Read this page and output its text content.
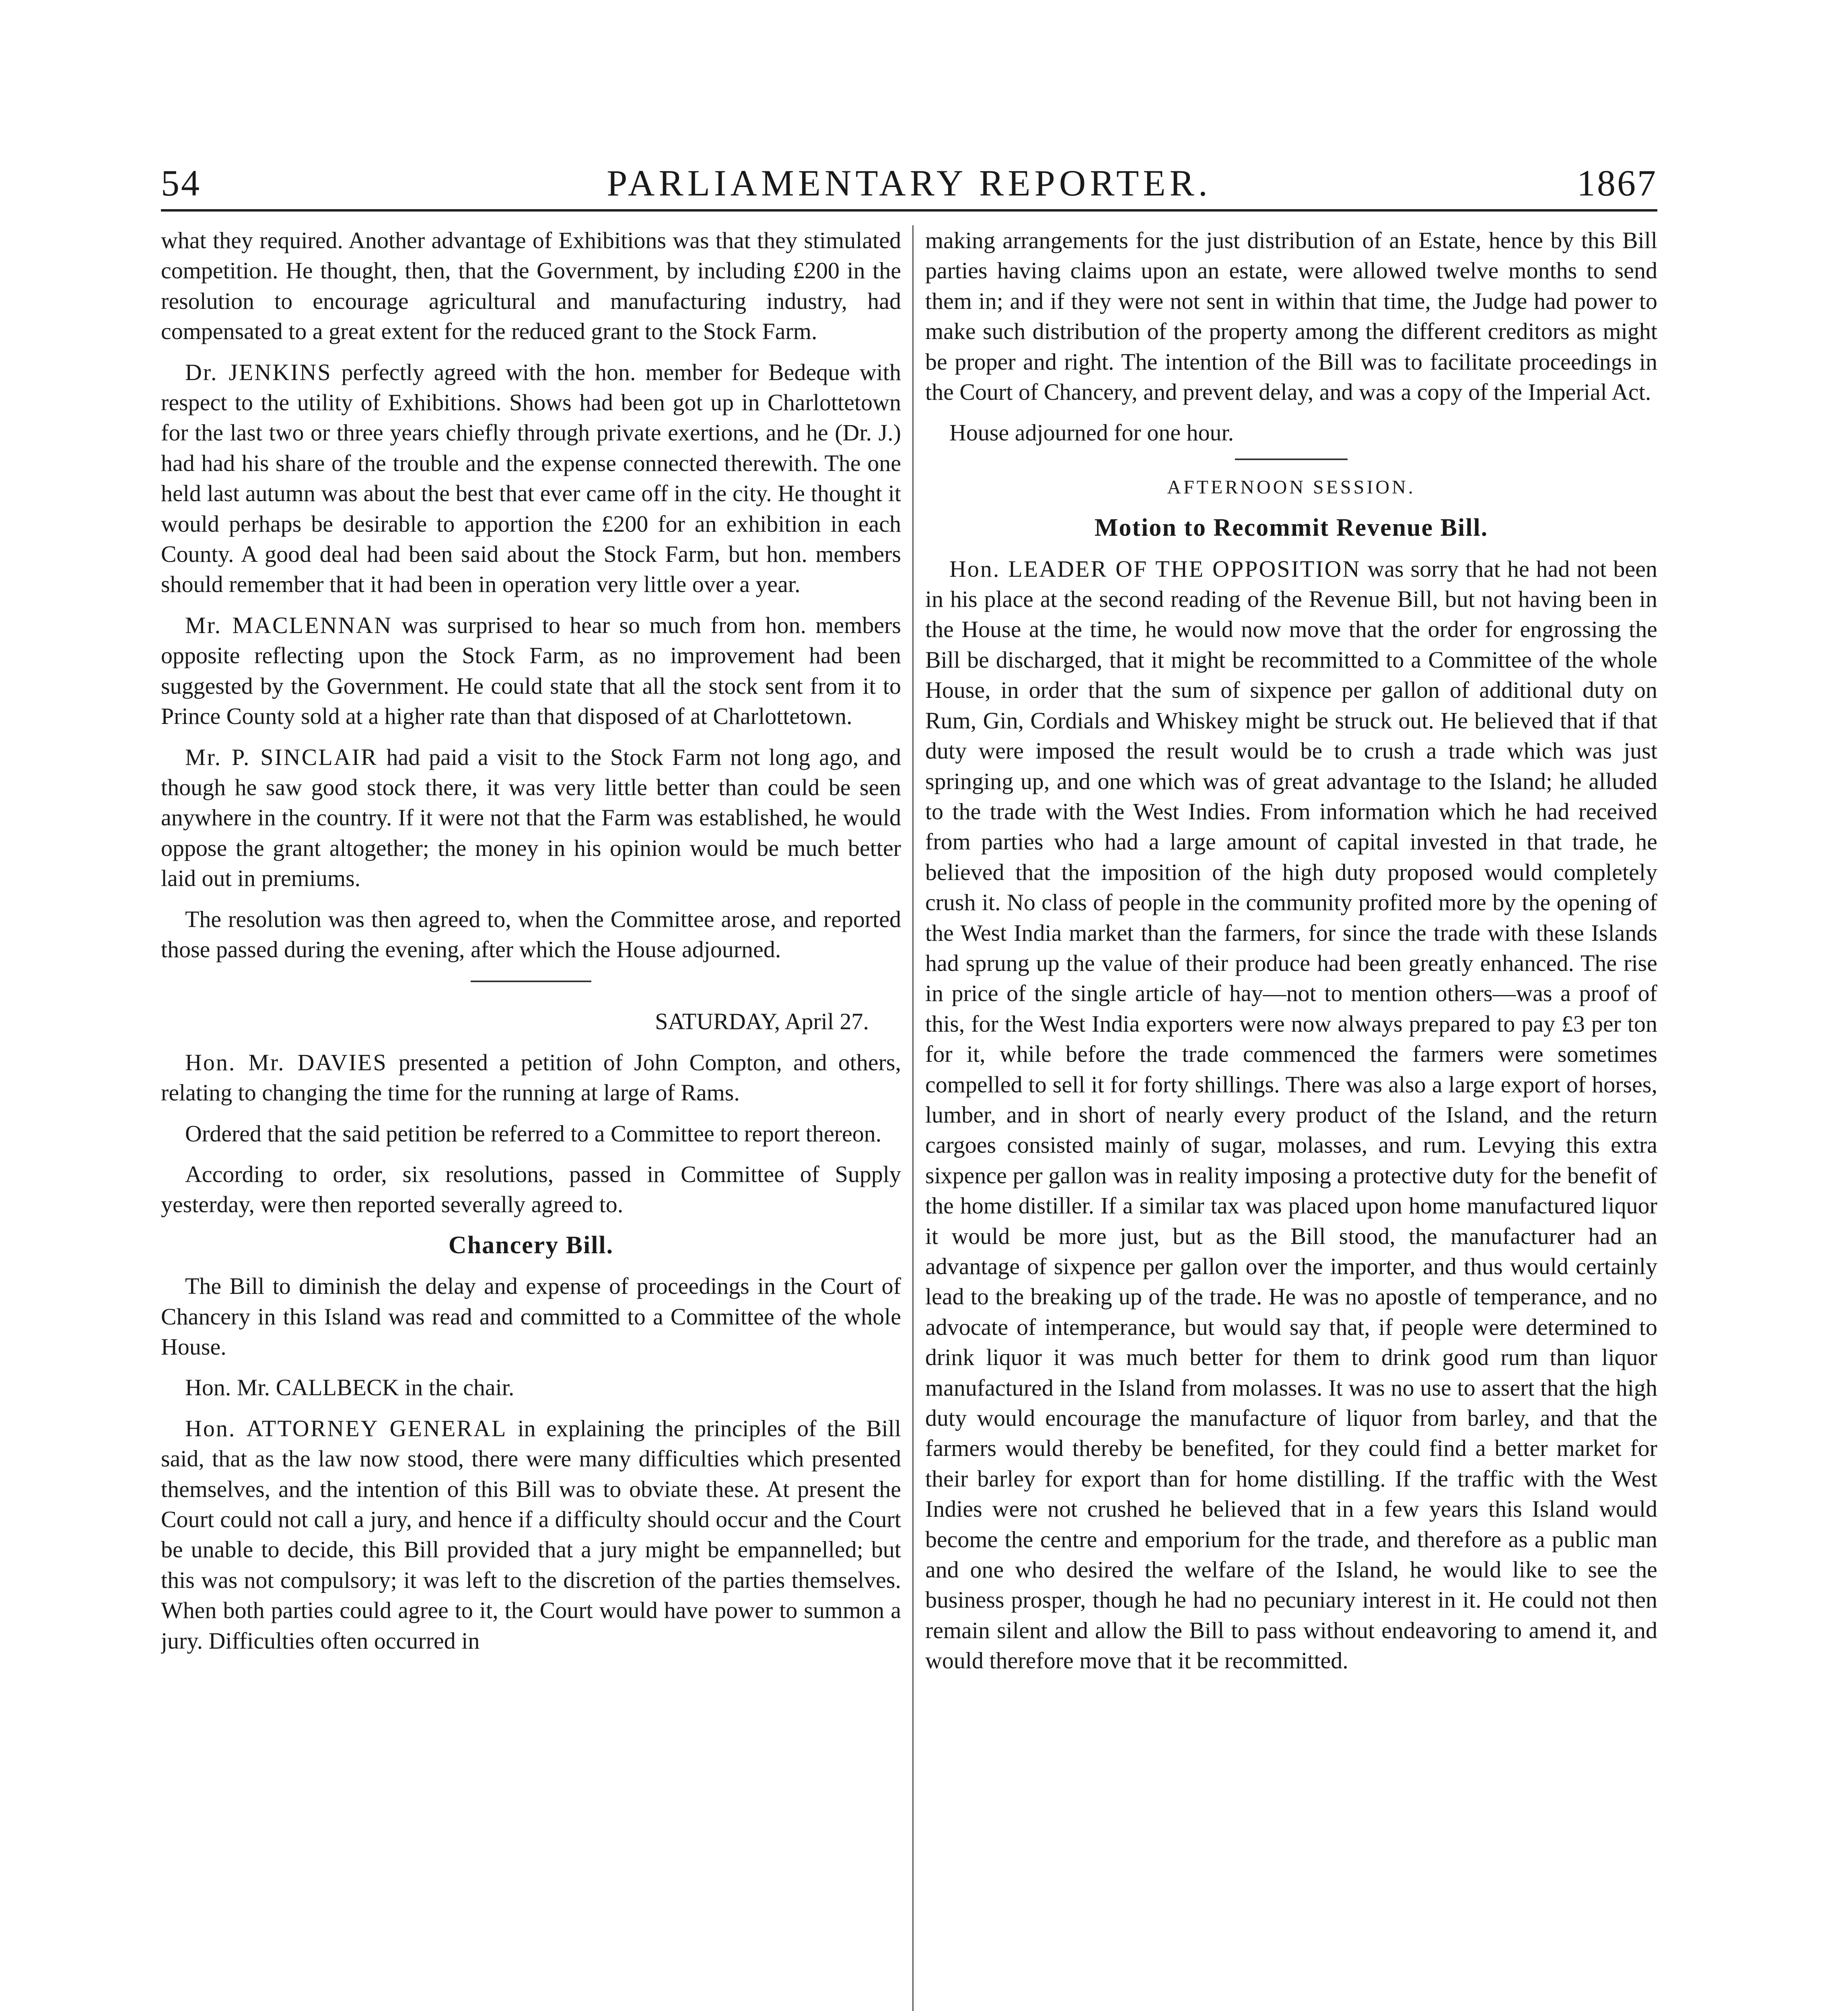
54	PARLIAMENTARY REPORTER.	1867

what they required. Another advantage of Exhibitions was that they stimulated competition. He thought, then, that the Government, by including £200 in the resolution to encourage agricultural and manufacturing industry, had compensated to a great extent for the reduced grant to the Stock Farm.

Dr. JENKINS perfectly agreed with the hon. member for Bedeque with respect to the utility of Exhibitions. Shows had been got up in Charlottetown for the last two or three years chiefly through private exertions, and he (Dr. J.) had had his share of the trouble and the expense connected therewith. The one held last autumn was about the best that ever came off in the city. He thought it would perhaps be desirable to apportion the £200 for an exhibition in each County. A good deal had been said about the Stock Farm, but hon. members should remember that it had been in operation very little over a year.

Mr. MACLENNAN was surprised to hear so much from hon. members opposite reflecting upon the Stock Farm, as no improvement had been suggested by the Government. He could state that all the stock sent from it to Prince County sold at a higher rate than that disposed of at Charlottetown.

Mr. P. SINCLAIR had paid a visit to the Stock Farm not long ago, and though he saw good stock there, it was very little better than could be seen anywhere in the country. If it were not that the Farm was established, he would oppose the grant altogether; the money in his opinion would be much better laid out in premiums.

The resolution was then agreed to, when the Committee arose, and reported those passed during the evening, after which the House adjourned.

SATURDAY, April 27.

Hon. Mr. DAVIES presented a petition of John Compton, and others, relating to changing the time for the running at large of Rams.

Ordered that the said petition be referred to a Committee to report thereon.

According to order, six resolutions, passed in Committee of Supply yesterday, were then reported severally agreed to.

Chancery Bill.

The Bill to diminish the delay and expense of proceedings in the Court of Chancery in this Island was read and committed to a Committee of the whole House.

Hon. Mr. CALLBECK in the chair.

Hon. ATTORNEY GENERAL in explaining the principles of the Bill said, that as the law now stood, there were many difficulties which presented themselves, and the intention of this Bill was to obviate these. At present the Court could not call a jury, and hence if a difficulty should occur and the Court be unable to decide, this Bill provided that a jury might be empannelled; but this was not compulsory; it was left to the discretion of the parties themselves. When both parties could agree to it, the Court would have power to summon a jury. Difficulties often occurred in

making arrangements for the just distribution of an Estate, hence by this Bill parties having claims upon an estate, were allowed twelve months to send them in; and if they were not sent in within that time, the Judge had power to make such distribution of the property among the different creditors as might be proper and right. The intention of the Bill was to facilitate proceedings in the Court of Chancery, and prevent delay, and was a copy of the Imperial Act.

House adjourned for one hour.

AFTERNOON SESSION.

Motion to Recommit Revenue Bill.

Hon. LEADER OF THE OPPOSITION was sorry that he had not been in his place at the second reading of the Revenue Bill, but not having been in the House at the time, he would now move that the order for engrossing the Bill be discharged, that it might be recommitted to a Committee of the whole House, in order that the sum of sixpence per gallon of additional duty on Rum, Gin, Cordials and Whiskey might be struck out. He believed that if that duty were imposed the result would be to crush a trade which was just springing up, and one which was of great advantage to the Island; he alluded to the trade with the West Indies. From information which he had received from parties who had a large amount of capital invested in that trade, he believed that the imposition of the high duty proposed would completely crush it. No class of people in the community profited more by the opening of the West India market than the farmers, for since the trade with these Islands had sprung up the value of their produce had been greatly enhanced. The rise in price of the single article of hay—not to mention others—was a proof of this, for the West India exporters were now always prepared to pay £3 per ton for it, while before the trade commenced the farmers were sometimes compelled to sell it for forty shillings. There was also a large export of horses, lumber, and in short of nearly every product of the Island, and the return cargoes consisted mainly of sugar, molasses, and rum. Levying this extra sixpence per gallon was in reality imposing a protective duty for the benefit of the home distiller. If a similar tax was placed upon home manufactured liquor it would be more just, but as the Bill stood, the manufacturer had an advantage of sixpence per gallon over the importer, and thus would certainly lead to the breaking up of the trade. He was no apostle of temperance, and no advocate of intemperance, but would say that, if people were determined to drink liquor it was much better for them to drink good rum than liquor manufactured in the Island from molasses. It was no use to assert that the high duty would encourage the manufacture of liquor from barley, and that the farmers would thereby be benefited, for they could find a better market for their barley for export than for home distilling. If the traffic with the West Indies were not crushed he believed that in a few years this Island would become the centre and emporium for the trade, and therefore as a public man and one who desired the welfare of the Island, he would like to see the business prosper, though he had no pecuniary interest in it. He could not then remain silent and allow the Bill to pass without endeavoring to amend it, and would therefore move that it be recommitted.
